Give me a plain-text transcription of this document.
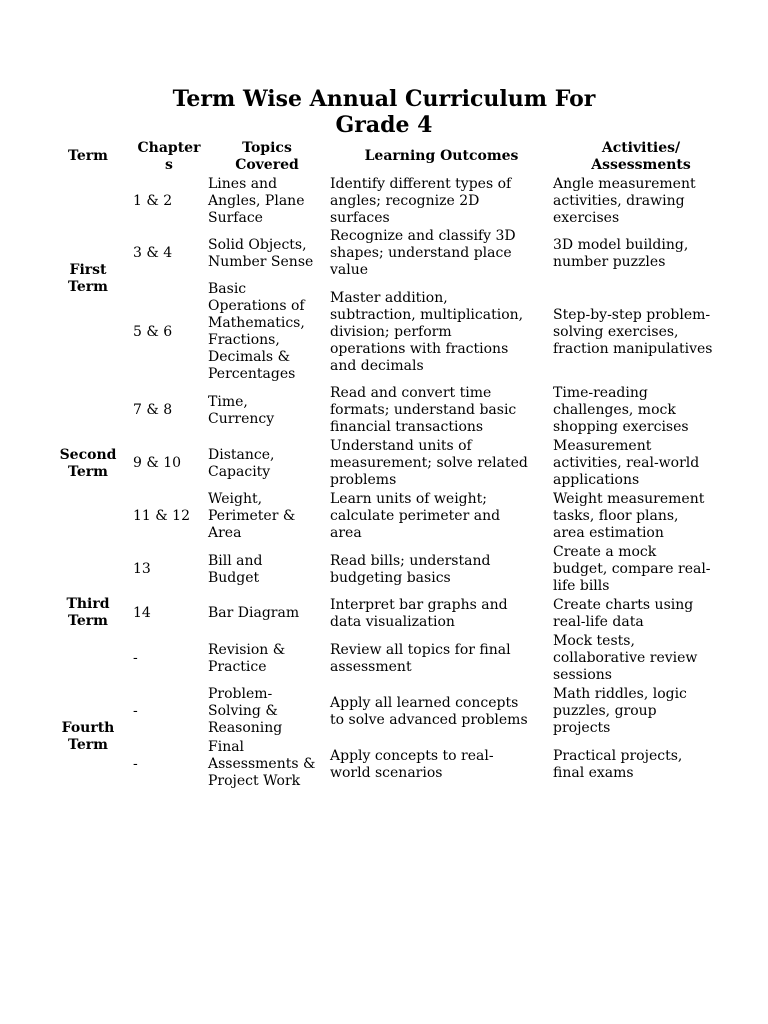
Term Wise Annual Curriculum For
Grade 4
Term
Chapter
s
Topics
Covered
Learning Outcomes
Activities/
Assessments
First
Term
Second
Term
Third
Term
Fourth
Term
1 & 2
Lines and
Angles, Plane
Surface
Identify different types of
angles; recognize 2D
surfaces
Angle measurement
activities, drawing
exercises
3 & 4
Solid Objects,
Number Sense
Recognize and classify 3D
shapes; understand place
value
3D model building,
number puzzles
5 & 6
Basic
Operations of
Mathematics,
Fractions,
Decimals &
Percentages
Master addition,
subtraction, multiplication,
division; perform
operations with fractions
and decimals
Step-by-step problem-
solving exercises,
fraction manipulatives
7 & 8
Time,
Currency
Read and convert time
formats; understand basic
financial transactions
Time-reading
challenges, mock
shopping exercises
9 & 10
Distance,
Capacity
Understand units of
measurement; solve related
problems
Measurement
activities, real-world
applications
11 & 12
Weight,
Perimeter &
Area
Learn units of weight;
calculate perimeter and
area
Weight measurement
tasks, floor plans,
area estimation
13
Bill and
Budget
Read bills; understand
budgeting basics
Create a mock
budget, compare real-
life bills
14	Bar Diagram
Interpret bar graphs and
data visualization
Create charts using
real-life data
-
Revision &
Practice
Review all topics for final
assessment
Mock tests,
collaborative review
sessions
-
Problem-
Solving &
Reasoning
Apply all learned concepts
to solve advanced problems
Math riddles, logic
puzzles, group
projects
-
Final
Assessments &
Project Work
Apply concepts to real-
world scenarios
Practical projects,
final exams
